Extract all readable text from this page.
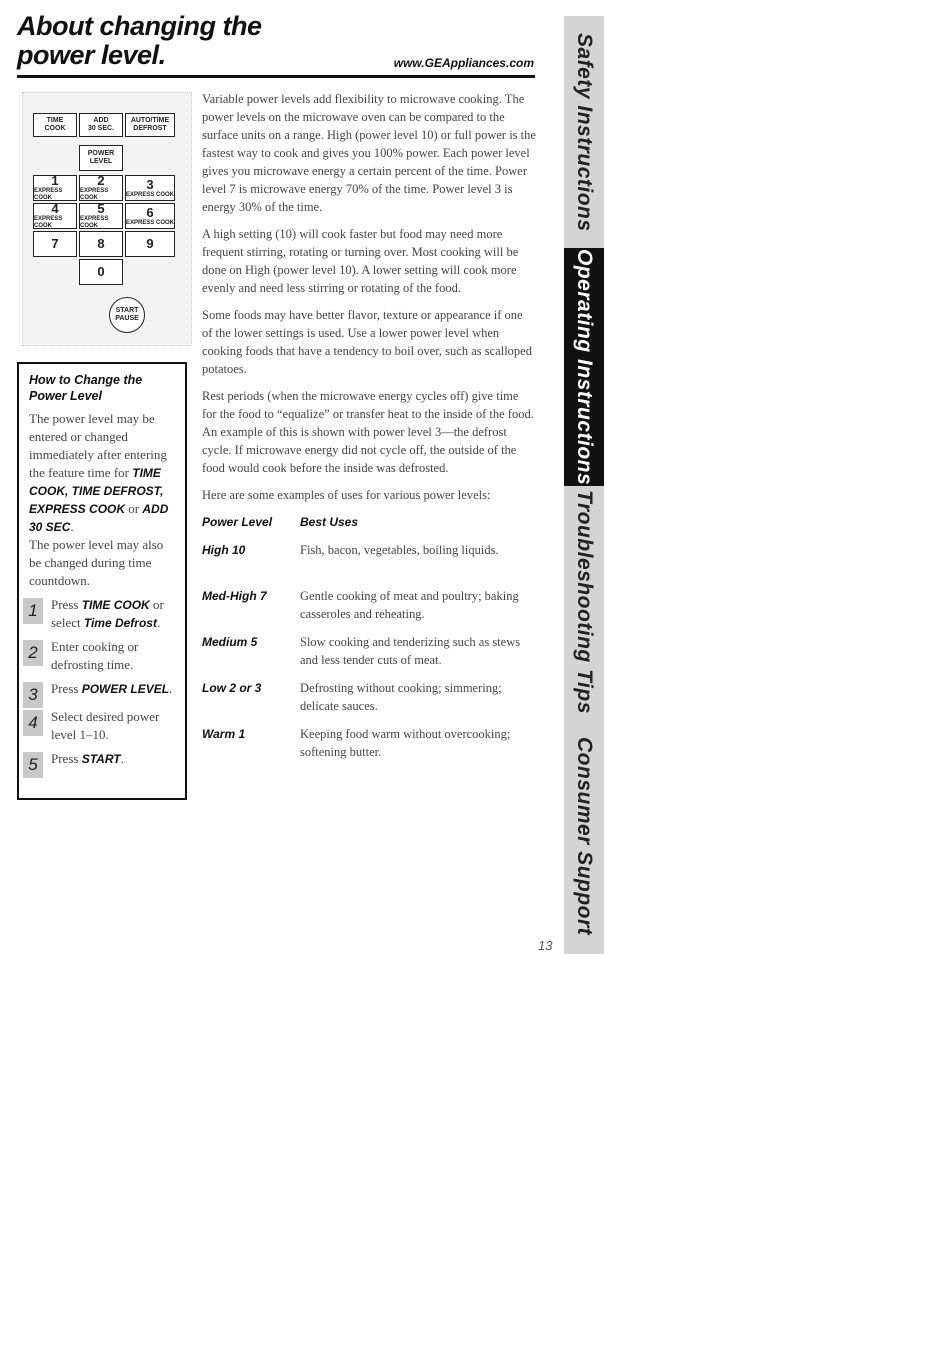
About changing the
power level.	www.GEAppliances.com
TIME
COOK
ADD
30 SEC.
AUTO/TIME
DEFROST
POWER
LEVEL
1
EXPRESS COOK
2
EXPRESS COOK
3
EXPRESS COOK
4
EXPRESS COOK
5
EXPRESS COOK
6
EXPRESS COOK
7	8	9
0
START
PAUSE
How to Change the Power Level
The power level may be entered or changed immediately after entering the feature time for TIME COOK, TIME DEFROST, EXPRESS COOK or ADD 30 SEC.
The power level may also be changed during time countdown.
1	Press TIME COOK or select Time Defrost.
2	Enter cooking or defrosting time.
3	Press POWER LEVEL.
4	Select desired power level 1–10.
5	Press START.

Variable power levels add flexibility to microwave cooking. The power levels on the microwave oven can be compared to the surface units on a range. High (power level 10) or full power is the fastest way to cook and gives you 100% power. Each power level gives you microwave energy a certain percent of the time. Power level 7 is microwave energy 70% of the time. Power level 3 is energy 30% of the time.

A high setting (10) will cook faster but food may need more frequent stirring, rotating or turning over. Most cooking will be done on High (power level 10). A lower setting will cook more evenly and need less stirring or rotating of the food.

Some foods may have better flavor, texture or appearance if one of the lower settings is used. Use a lower power level when cooking foods that have a tendency to boil over, such as scalloped potatoes.

Rest periods (when the microwave energy cycles off) give time for the food to “equalize” or transfer heat to the inside of the food. An example of this is shown with power level 3—the defrost cycle. If microwave energy did not cycle off, the outside of the food would cook before the inside was defrosted.

Here are some examples of uses for various power levels:

Power Level	Best Uses
High 10	Fish, bacon, vegetables, boiling liquids.
Med-High 7	Gentle cooking of meat and poultry; baking casseroles and reheating.
Medium 5	Slow cooking and tenderizing such as stews and less tender cuts of meat.
Low 2 or 3	Defrosting without cooking; simmering; delicate sauces.
Warm 1	Keeping food warm without overcooking; softening butter.
Safety Instructions
Operating Instructions
Troubleshooting Tips
Consumer Support
13
